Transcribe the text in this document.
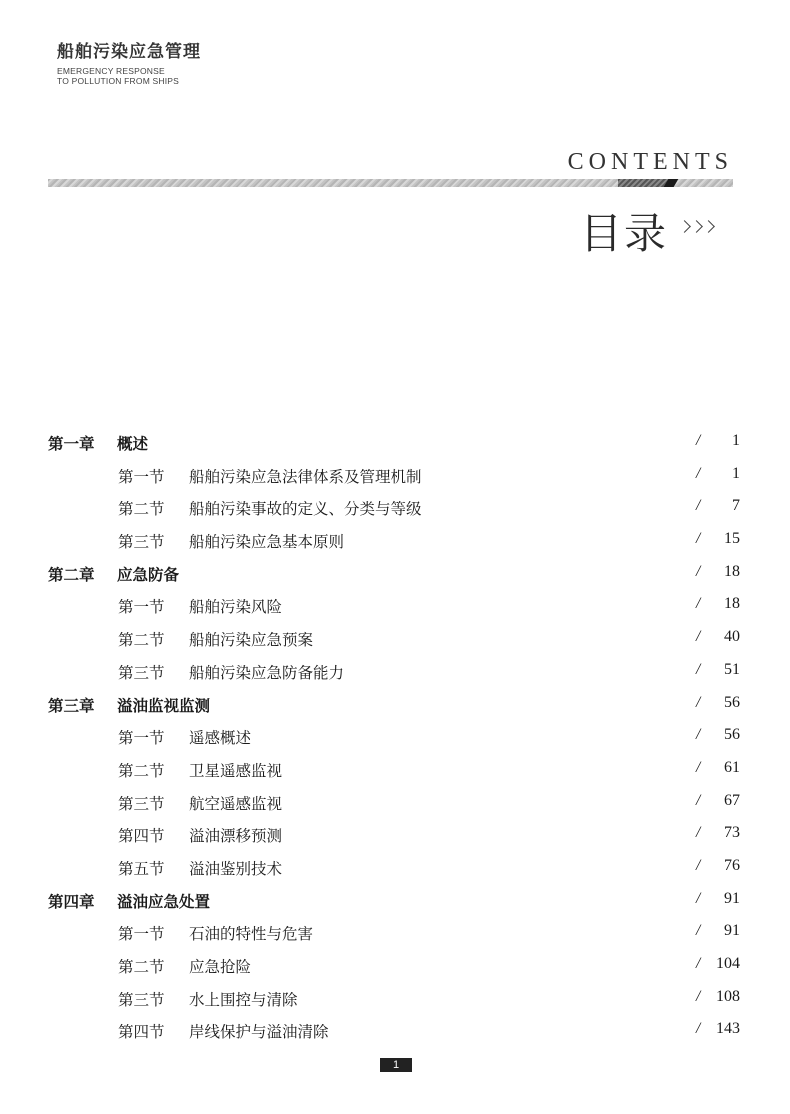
船舶污染应急管理
EMERGENCY RESPONSE
TO POLLUTION FROM SHIPS
CONTENTS
目录
第一章 概述	/	1
第一节 船舶污染应急法律体系及管理机制	/	1
第二节 船舶污染事故的定义、分类与等级	/	7
第三节 船舶污染应急基本原则	/	15
第二章 应急防备	/	18
第一节 船舶污染风险	/	18
第二节 船舶污染应急预案	/	40
第三节 船舶污染应急防备能力	/	51
第三章 溢油监视监测	/	56
第一节 遥感概述	/	56
第二节 卫星遥感监视	/	61
第三节 航空遥感监视	/	67
第四节 溢油漂移预测	/	73
第五节 溢油鉴别技术	/	76
第四章 溢油应急处置	/	91
第一节 石油的特性与危害	/	91
第二节 应急抢险	/ 104
第三节 水上围控与清除	/ 108
第四节 岸线保护与溢油清除	/ 143
1
